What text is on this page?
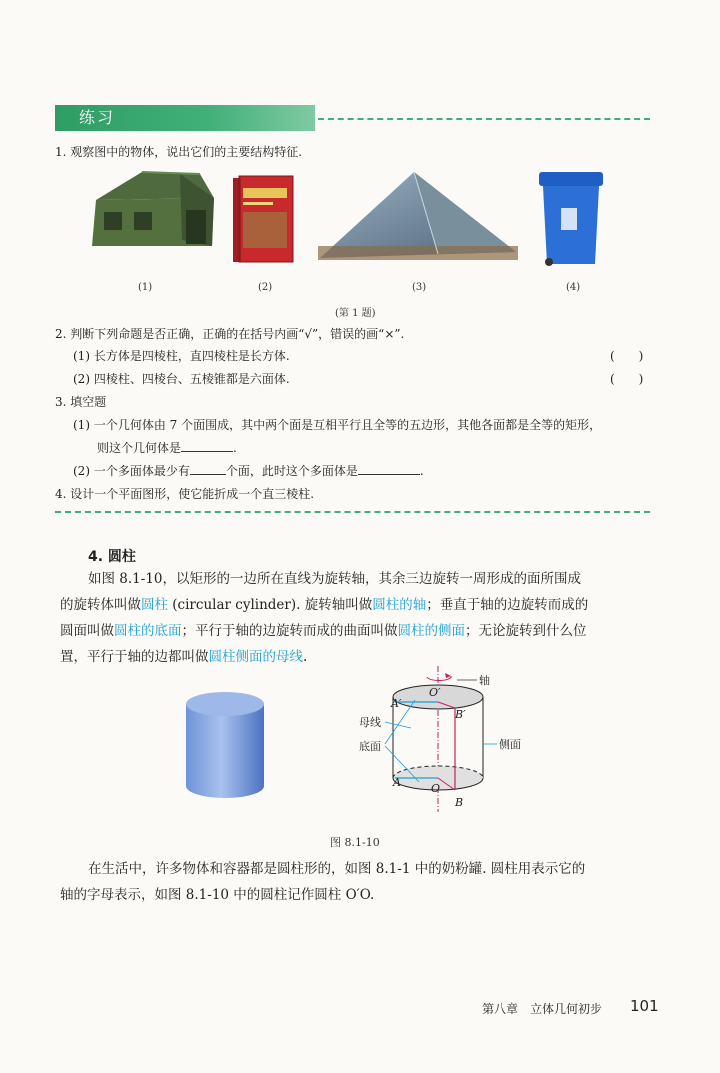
练习
1. 观察图中的物体，说出它们的主要结构特征.
(1)	(2)	(3)	(4)
(第 1 题)
2. 判断下列命题是否正确，正确的在括号内画“√”，错误的画“×”.
(1) 长方体是四棱柱，直四棱柱是长方体.	(　　)
(2) 四棱柱、四棱台、五棱锥都是六面体.	(　　)
3. 填空题
(1) 一个几何体由 7 个面围成，其中两个面是互相平行且全等的五边形，其他各面都是全等的矩形，
则这个几何体是	.
(2) 一个多面体最少有	个面，此时这个多面体是	.
4. 设计一个平面图形，使它能折成一个直三棱柱.
4. 圆柱
如图 8.1-10，以矩形的一边所在直线为旋转轴，其余三边旋转一周形成的面所围成
的旋转体叫做圆柱 (circular cylinder). 旋转轴叫做圆柱的轴；垂直于轴的边旋转而成的
圆面叫做圆柱的底面；平行于轴的边旋转而成的曲面叫做圆柱的侧面；无论旋转到什么位
置，平行于轴的边都叫做圆柱侧面的母线.
轴
母线
底面	侧面
A′
O′
B′
A	O
B
图 8.1-10
在生活中，许多物体和容器都是圆柱形的，如图 8.1-1 中的奶粉罐. 圆柱用表示它的
轴的字母表示，如图 8.1-10 中的圆柱记作圆柱 O′O.
第八章　立体几何初步 101
